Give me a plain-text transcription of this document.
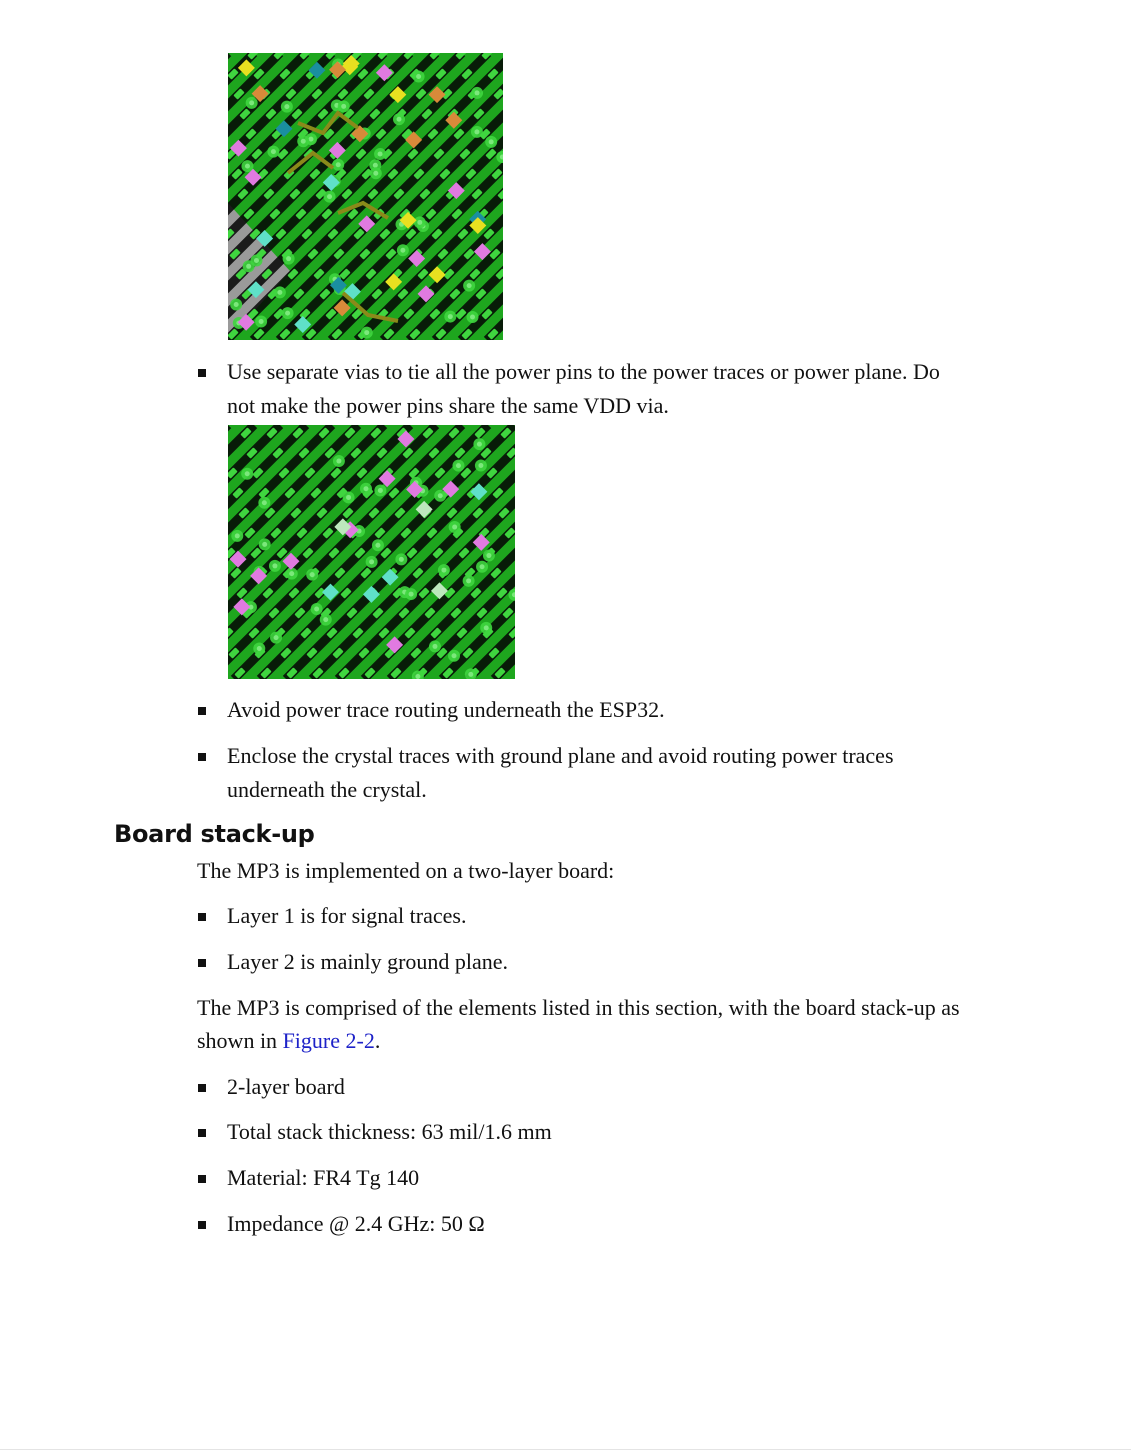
Use separate vias to tie all the power pins to the power traces or power plane. Do
not make the power pins share the same VDD via.
Avoid power trace routing underneath the ESP32.
Enclose the crystal traces with ground plane and avoid routing power traces
underneath the crystal.
Board stack-up
The MP3 is implemented on a two-layer board:
Layer 1 is for signal traces.
Layer 2 is mainly ground plane.
The MP3 is comprised of the elements listed in this section, with the board stack-up as
shown in Figure 2-2.
2-layer board
Total stack thickness: 63 mil/1.6 mm
Material: FR4 Tg 140
Impedance @ 2.4 GHz: 50 Ω
